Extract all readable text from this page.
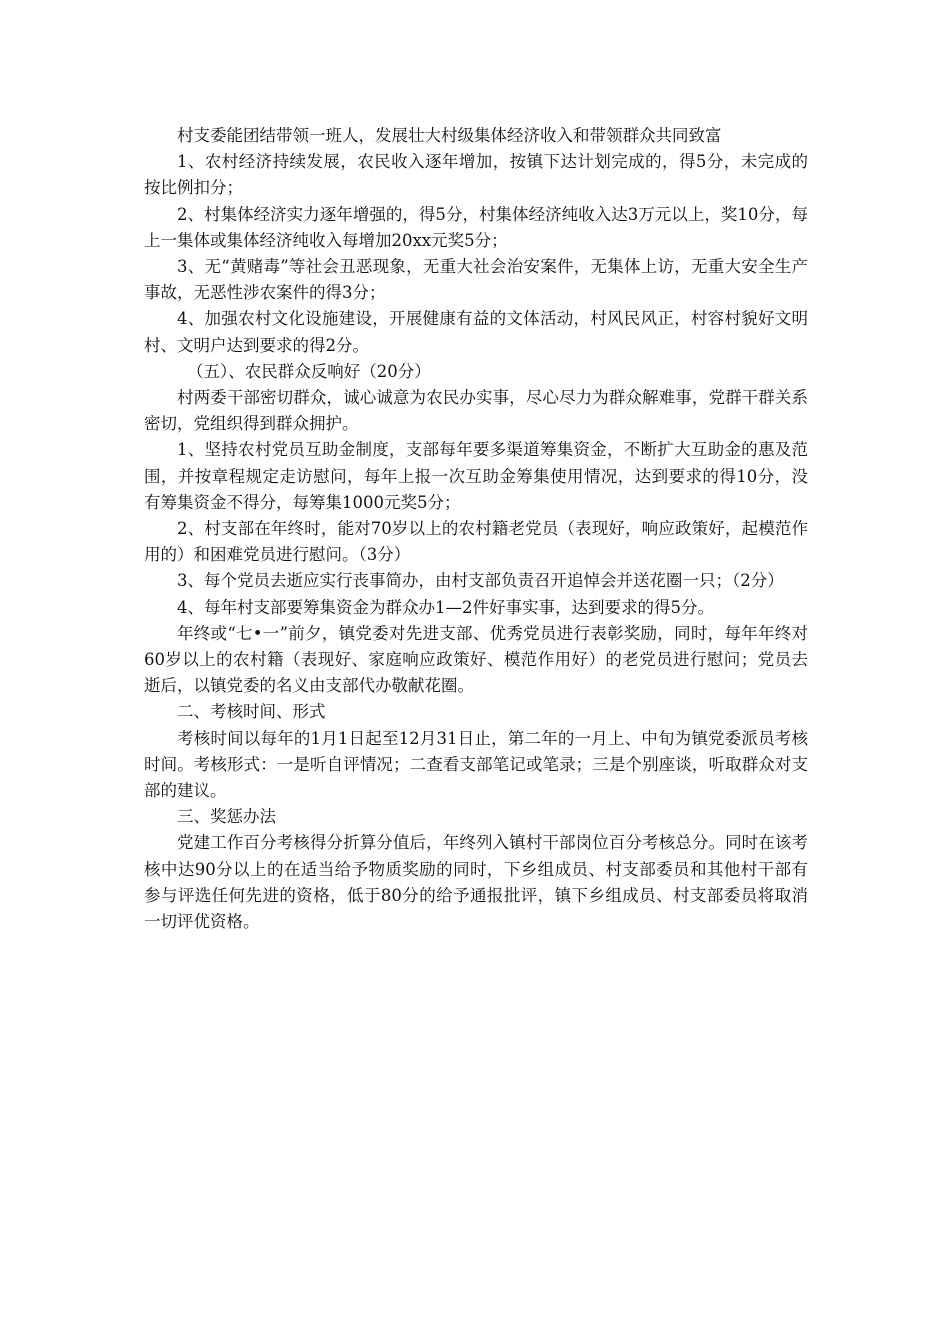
村支委能团结带领一班人，发展壮大村级集体经济收入和带领群众共同致富

1、农村经济持续发展，农民收入逐年增加，按镇下达计划完成的，得5分，未完成的按比例扣分；

2、村集体经济实力逐年增强的，得5分，村集体经济纯收入达3万元以上，奖10分，每上一集体或集体经济纯收入每增加20xx元奖5分；

3、无“黄赌毒”等社会丑恶现象，无重大社会治安案件，无集体上访，无重大安全生产事故，无恶性涉农案件的得3分；

4、加强农村文化设施建设，开展健康有益的文体活动，村风民风正，村容村貌好文明村、文明户达到要求的得2分。

（五）、农民群众反响好（20分）

村两委干部密切群众，诚心诚意为农民办实事，尽心尽力为群众解难事，党群干群关系密切，党组织得到群众拥护。

1、坚持农村党员互助金制度，支部每年要多渠道筹集资金，不断扩大互助金的惠及范围，并按章程规定走访慰问，每年上报一次互助金筹集使用情况，达到要求的得10分，没有筹集资金不得分，每筹集1000元奖5分；

2、村支部在年终时，能对70岁以上的农村籍老党员（表现好，响应政策好，起模范作用的）和困难党员进行慰问。（3分）

3、每个党员去逝应实行丧事简办，由村支部负责召开追悼会并送花圈一只；（2分）

4、每年村支部要筹集资金为群众办1—2件好事实事，达到要求的得5分。

年终或“七•一”前夕，镇党委对先进支部、优秀党员进行表彰奖励，同时，每年年终对60岁以上的农村籍（表现好、家庭响应政策好、模范作用好）的老党员进行慰问；党员去逝后，以镇党委的名义由支部代办敬献花圈。

二、考核时间、形式

考核时间以每年的1月1日起至12月31日止，第二年的一月上、中旬为镇党委派员考核时间。考核形式：一是听自评情况；二查看支部笔记或笔录；三是个别座谈，听取群众对支部的建议。

三、奖惩办法

党建工作百分考核得分折算分值后，年终列入镇村干部岗位百分考核总分。同时在该考核中达90分以上的在适当给予物质奖励的同时，下乡组成员、村支部委员和其他村干部有参与评选任何先进的资格，低于80分的给予通报批评，镇下乡组成员、村支部委员将取消一切评优资格。
